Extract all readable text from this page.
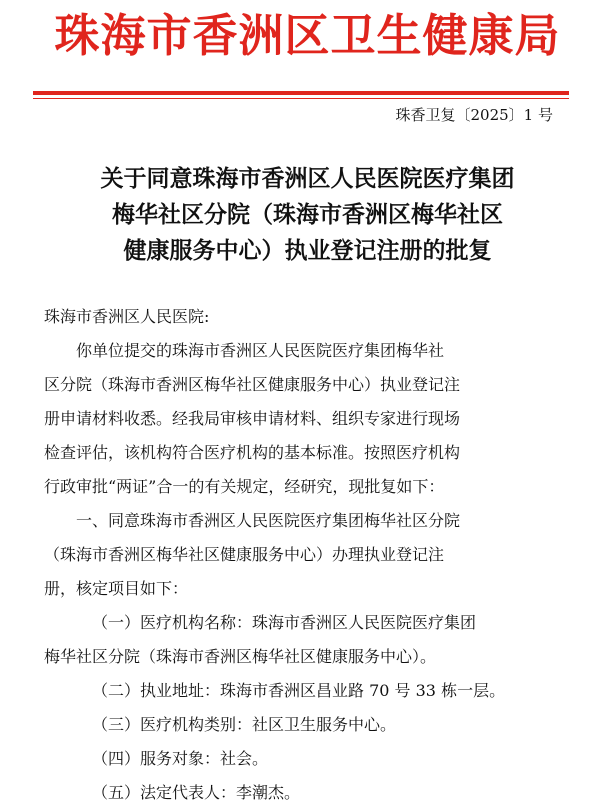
珠海市香洲区卫生健康局
珠香卫复〔2025〕1 号
关于同意珠海市香洲区人民医院医疗集团
梅华社区分院（珠海市香洲区梅华社区
健康服务中心）执业登记注册的批复
珠海市香洲区人民医院:
你单位提交的珠海市香洲区人民医院医疗集团梅华社
区分院（珠海市香洲区梅华社区健康服务中心）执业登记注
册申请材料收悉。经我局审核申请材料、组织专家进行现场
检查评估，该机构符合医疗机构的基本标准。按照医疗机构
行政审批“两证”合一的有关规定，经研究，现批复如下：
一、同意珠海市香洲区人民医院医疗集团梅华社区分院
（珠海市香洲区梅华社区健康服务中心）办理执业登记注
册，核定项目如下：
（一）医疗机构名称：珠海市香洲区人民医院医疗集团
梅华社区分院（珠海市香洲区梅华社区健康服务中心）。
（二）执业地址：珠海市香洲区昌业路 70 号 33 栋一层。
（三）医疗机构类别：社区卫生服务中心。
（四）服务对象：社会。
（五）法定代表人：李潮杰。
